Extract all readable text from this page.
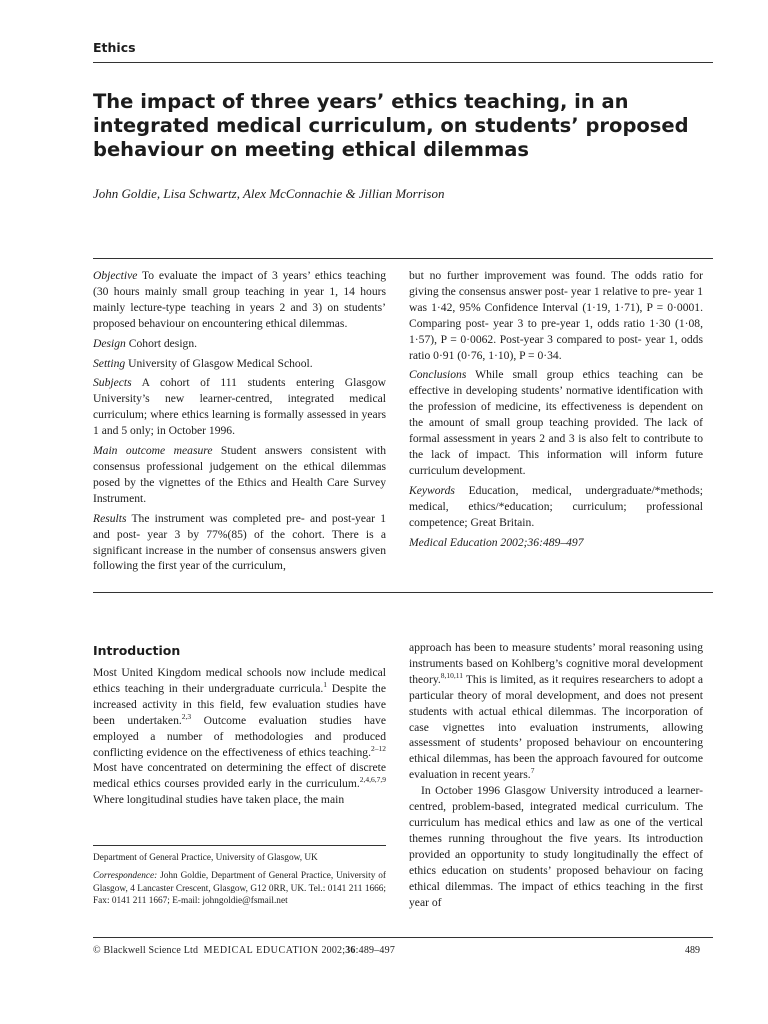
Ethics
The impact of three years’ ethics teaching, in an integrated medical curriculum, on students’ proposed behaviour on meeting ethical dilemmas
John Goldie, Lisa Schwartz, Alex McConnachie & Jillian Morrison

Objective To evaluate the impact of 3 years’ ethics teaching (30 hours mainly small group teaching in year 1, 14 hours mainly lecture-type teaching in years 2 and 3) on students’ proposed behaviour on encountering ethical dilemmas.

Design Cohort design.

Setting University of Glasgow Medical School.

Subjects A cohort of 111 students entering Glasgow University’s new learner-centred, integrated medical curriculum; where ethics learning is formally assessed in years 1 and 5 only; in October 1996.

Main outcome measure Student answers consistent with consensus professional judgement on the ethical dilemmas posed by the vignettes of the Ethics and Health Care Survey Instrument.

Results The instrument was completed pre- and post-year 1 and post- year 3 by 77%(85) of the cohort. There is a significant increase in the number of consensus answers given following the first year of the curriculum,

but no further improvement was found. The odds ratio for giving the consensus answer post- year 1 relative to pre- year 1 was 1·42, 95% Confidence Interval (1·19, 1·71), P = 0·0001. Comparing post- year 3 to pre-year 1, odds ratio 1·30 (1·08, 1·57), P = 0·0062. Post-year 3 compared to post- year 1, odds ratio 0·91 (0·76, 1·10), P = 0·34.

Conclusions While small group ethics teaching can be effective in developing students’ normative identification with the profession of medicine, its effectiveness is dependent on the amount of small group teaching provided. The lack of formal assessment in years 2 and 3 is also felt to contribute to the lack of impact. This information will inform future curriculum development.

Keywords Education, medical, undergraduate/*methods; medical, ethics/*education; curriculum; professional competence; Great Britain.

Medical Education 2002;36:489–497

Introduction
Most United Kingdom medical schools now include medical ethics teaching in their undergraduate curricula.$^1$ Despite the increased activity in this field, few evaluation studies have been undertaken.$^{2,3}$ Outcome evaluation studies have employed a number of methodologies and produced conflicting evidence on the effectiveness of ethics teaching.$^{2-12}$ Most have concentrated on determining the effect of discrete medical ethics courses provided early in the curriculum.$^{2,4,6,7,9}$ Where longitudinal studies have taken place, the main
approach has been to measure students’ moral reasoning using instruments based on Kohlberg’s cognitive moral development theory.$^{8,10,11}$ This is limited, as it requires researchers to adopt a particular theory of moral development, and does not present students with actual ethical dilemmas. The incorporation of case vignettes into evaluation instruments, allowing assessment of students’ proposed behaviour on encountering ethical dilemmas, has been the approach favoured for outcome evaluation in recent years.$^7$
In October 1996 Glasgow University introduced a learner-centred, problem-based, integrated medical curriculum. The curriculum has medical ethics and law as one of the vertical themes running throughout the five years. Its introduction provided an opportunity to study longitudinally the effect of ethics education on students’ proposed behaviour on facing ethical dilemmas. The impact of ethics teaching in the first year of
Department of General Practice, University of Glasgow, UK
Correspondence: John Goldie, Department of General Practice, University of Glasgow, 4 Lancaster Crescent, Glasgow, G12 0RR, UK. Tel.: 0141 211 1666; Fax: 0141 211 1667; E-mail: johngoldie@fsmail.net
© Blackwell Science Ltd MEDICAL EDUCATION 2002;36:489–497	489
